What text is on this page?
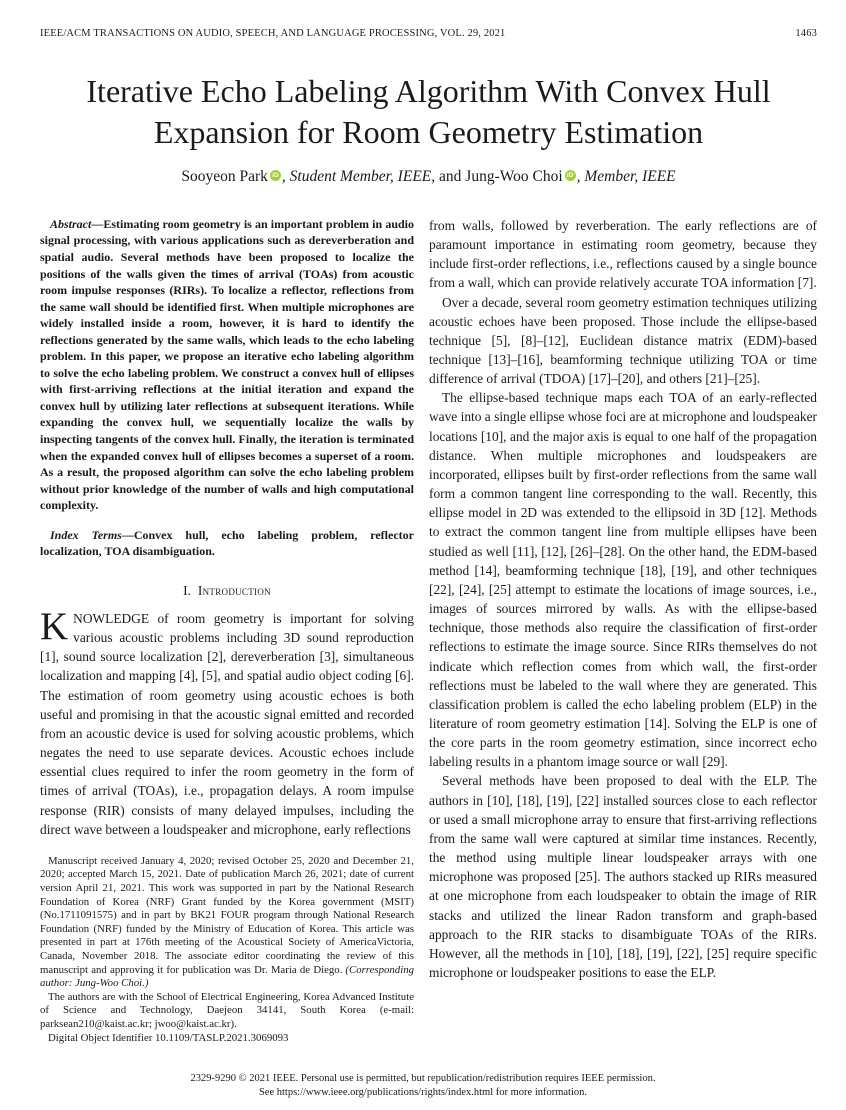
IEEE/ACM TRANSACTIONS ON AUDIO, SPEECH, AND LANGUAGE PROCESSING, VOL. 29, 2021	1463
Iterative Echo Labeling Algorithm With Convex Hull Expansion for Room Geometry Estimation
Sooyeon Park iD , Student Member, IEEE, and Jung-Woo Choi iD , Member, IEEE

Abstract—Estimating room geometry is an important problem in audio signal processing, with various applications such as dereverberation and spatial audio. Several methods have been proposed to localize the positions of the walls given the times of arrival (TOAs) from acoustic room impulse responses (RIRs). To localize a reflector, reflections from the same wall should be identified first. When multiple microphones are widely installed inside a room, however, it is hard to identify the reflections generated by the same walls, which leads to the echo labeling problem. In this paper, we propose an iterative echo labeling algorithm to solve the echo labeling problem. We construct a convex hull of ellipses with first-arriving reflections at the initial iteration and expand the convex hull by utilizing later reflections at subsequent iterations. While expanding the convex hull, we sequentially localize the walls by inspecting tangents of the convex hull. Finally, the iteration is terminated when the expanded convex hull of ellipses becomes a superset of a room. As a result, the proposed algorithm can solve the echo labeling problem without prior knowledge of the number of walls and high computational complexity.

Index Terms—Convex hull, echo labeling problem, reflector localization, TOA disambiguation.

I. Introduction

KNOWLEDGE of room geometry is important for solving various acoustic problems including 3D sound reproduction [1], sound source localization [2], dereverberation [3], simultaneous localization and mapping [4], [5], and spatial audio object coding [6]. The estimation of room geometry using acoustic echoes is both useful and promising in that the acoustic signal emitted and recorded from an acoustic device is used for solving acoustic problems, which negates the need to use separate devices. Acoustic echoes include essential clues required to infer the room geometry in the form of times of arrival (TOAs), i.e., propagation delays. A room impulse response (RIR) consists of many delayed impulses, including the direct wave between a loudspeaker and microphone, early reflections

Manuscript received January 4, 2020; revised October 25, 2020 and December 21, 2020; accepted March 15, 2021. Date of publication March 26, 2021; date of current version April 21, 2021. This work was supported in part by the National Research Foundation of Korea (NRF) Grant funded by the Korea government (MSIT) (No.1711091575) and in part by BK21 FOUR program through National Research Foundation (NRF) funded by the Ministry of Education of Korea. This article was presented in part at 176th meeting of the Acoustical Society of AmericaVictoria, Canada, November 2018. The associate editor coordinating the review of this manuscript and approving it for publication was Dr. Maria de Diego. (Corresponding author: Jung-Woo Choi.)

The authors are with the School of Electrical Engineering, Korea Advanced Institute of Science and Technology, Daejeon 34141, South Korea (e-mail: parksean210@kaist.ac.kr; jwoo@kaist.ac.kr).

Digital Object Identifier 10.1109/TASLP.2021.3069093

from walls, followed by reverberation. The early reflections are of paramount importance in estimating room geometry, because they include first-order reflections, i.e., reflections caused by a single bounce from a wall, which can provide relatively accurate TOA information [7].

Over a decade, several room geometry estimation techniques utilizing acoustic echoes have been proposed. Those include the ellipse-based technique [5], [8]–[12], Euclidean distance matrix (EDM)-based technique [13]–[16], beamforming technique utilizing TOA or time difference of arrival (TDOA) [17]–[20], and others [21]–[25].

The ellipse-based technique maps each TOA of an early-reflected wave into a single ellipse whose foci are at microphone and loudspeaker locations [10], and the major axis is equal to one half of the propagation distance. When multiple microphones and loudspeakers are incorporated, ellipses built by first-order reflections from the same wall form a common tangent line corresponding to the wall. Recently, this ellipse model in 2D was extended to the ellipsoid in 3D [12]. Methods to extract the common tangent line from multiple ellipses have been studied as well [11], [12], [26]–[28]. On the other hand, the EDM-based method [14], beamforming technique [18], [19], and other techniques [22], [24], [25] attempt to estimate the locations of image sources, i.e., images of sources mirrored by walls. As with the ellipse-based technique, those methods also require the classification of first-order reflections to estimate the image source. Since RIRs themselves do not indicate which reflection comes from which wall, the first-order reflections must be labeled to the wall where they are generated. This classification problem is called the echo labeling problem (ELP) in the literature of room geometry estimation [14]. Solving the ELP is one of the core parts in the room geometry estimation, since incorrect echo labeling results in a phantom image source or wall [29].

Several methods have been proposed to deal with the ELP. The authors in [10], [18], [19], [22] installed sources close to each reflector or used a small microphone array to ensure that first-arriving reflections from the same wall were captured at similar time instances. Recently, the method using multiple linear loudspeaker arrays with one microphone was proposed [25]. The authors stacked up RIRs measured at one microphone from each loudspeaker to obtain the image of RIR stacks and utilized the linear Radon transform and graph-based approach to the RIR stacks to disambiguate TOAs of the RIRs. However, all the methods in [10], [18], [19], [22], [25] require specific microphone or loudspeaker positions to ease the ELP.

2329-9290 © 2021 IEEE. Personal use is permitted, but republication/redistribution requires IEEE permission.
See https://www.ieee.org/publications/rights/index.html for more information.
